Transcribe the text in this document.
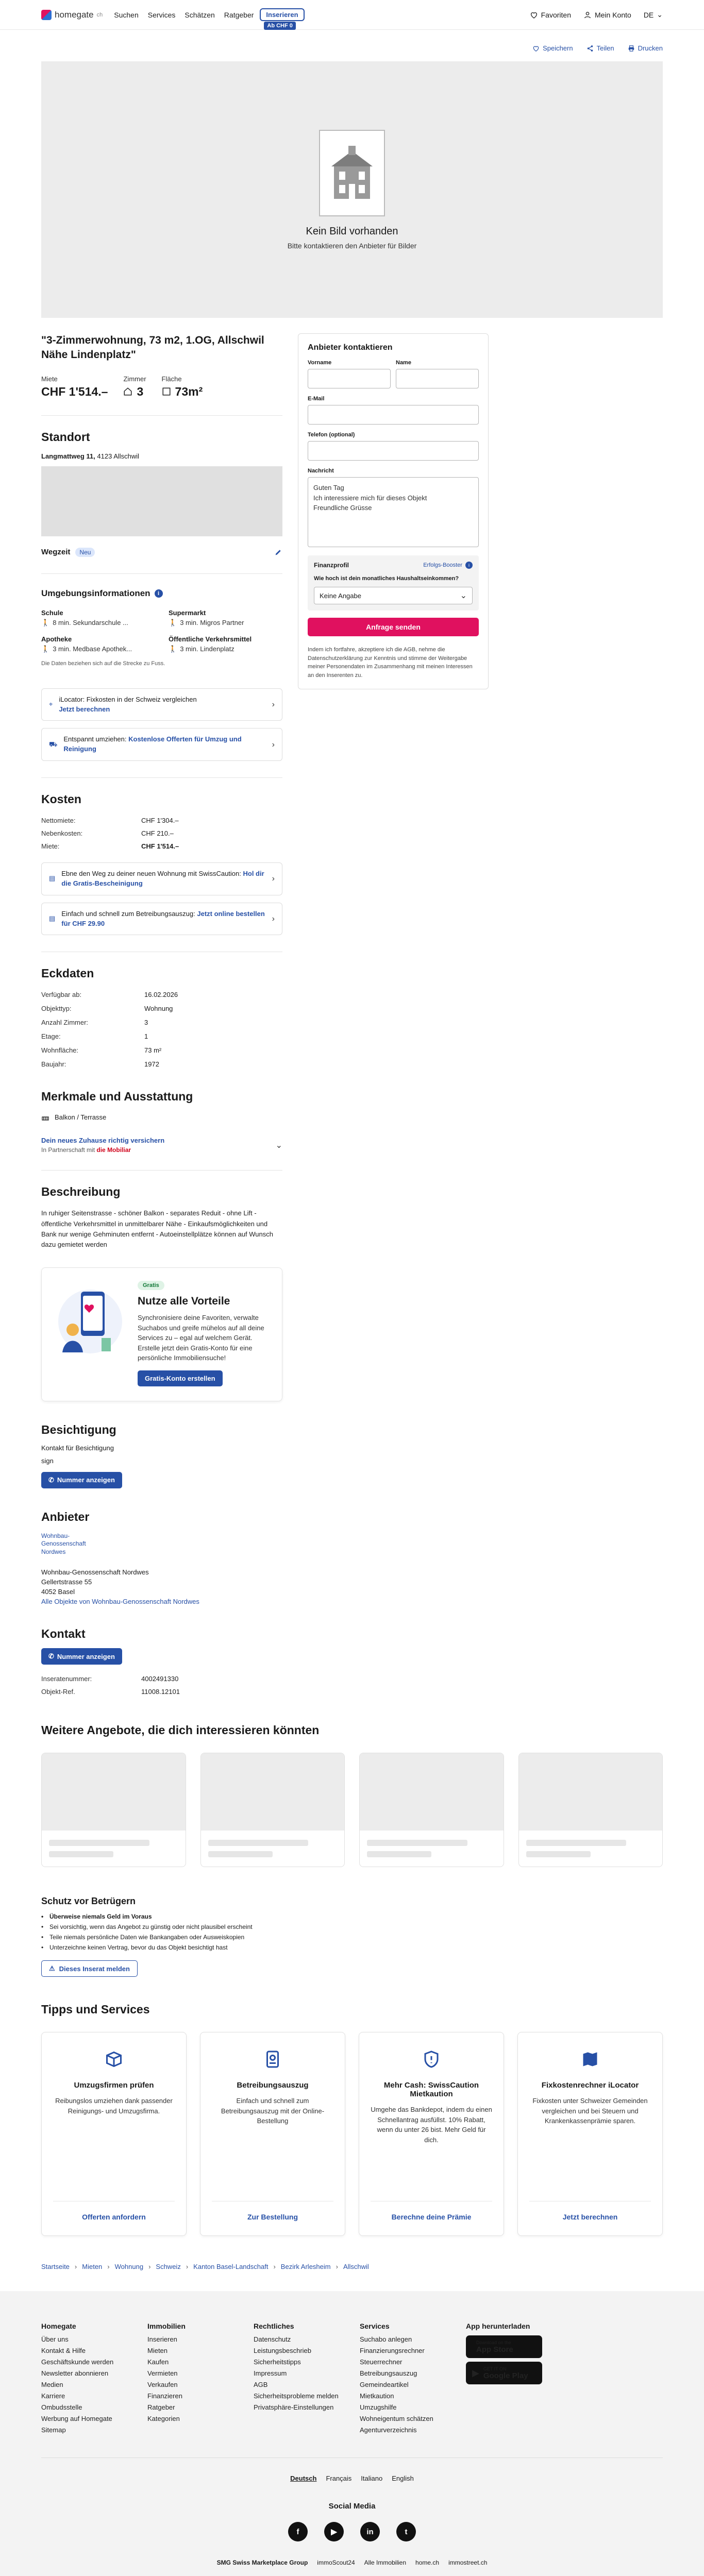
homegate ch Suchen Services Schätzen Ratgeber	Inserieren
Ab CHF 0
Favoriten	Mein Konto DE ⌄
Speichern	Teilen	Drucken
Kein Bild vorhanden

Bitte kontaktieren den Anbieter für Bilder

"3-Zimmerwohnung, 73 m2, 1.OG, Allschwil Nähe Lindenplatz"
Miete
CHF 1'514.–
Zimmer
3
Fläche
73m²
Standort
Langmattweg 11, 4123 Allschwil
Wegzeit	Neu
Umgebungsinformationen	i
Schule
🚶 8 min. Sekundarschule ...
Supermarkt
🚶 3 min. Migros Partner
Apotheke
🚶 3 min. Medbase Apothek...
Öffentliche Verkehrsmittel
🚶 3 min. Lindenplatz
Die Daten beziehen sich auf die Strecke zu Fuss.
⌖
iLocator: Fixkosten in der Schweiz vergleichen
Jetzt berechnen
›
⛟
Entspannt umziehen: Kostenlose Offerten für Umzug und Reinigung
›
Kosten
Nettomiete:	CHF 1'304.–
Nebenkosten:	CHF 210.–
Miete:	CHF 1'514.–
▤
Ebne den Weg zu deiner neuen Wohnung mit SwissCaution: Hol dir die Gratis-Bescheinigung
›
▤
Einfach und schnell zum Betreibungsauszug: Jetzt online bestellen für CHF 29.90
›
Eckdaten
Verfügbar ab:	16.02.2026
Objekttyp:	Wohnung
Anzahl Zimmer:	3
Etage:	1
Wohnfläche:	73 m²
Baujahr:	1972
Merkmale und Ausstattung
Balkon / Terrasse
Dein neues Zuhause richtig versichern
In Partnerschaft mit die Mobiliar
⌄
Beschreibung

In ruhiger Seitenstrasse - schöner Balkon - separates Reduit - ohne Lift - öffentliche Verkehrsmittel in unmittelbarer Nähe - Einkaufsmöglichkeiten und Bank nur wenige Gehminuten entfernt - Autoeinstellplätze können auf Wunsch dazu gemietet werden

Gratis
Nutze alle Vorteile

Synchronisiere deine Favoriten, verwalte Suchabos und greife mühelos auf all deine Services zu – egal auf welchem Gerät. Erstelle jetzt dein Gratis-Konto für eine persönliche Immobiliensuche!

Gratis-Konto erstellen
Besichtigung
Kontakt für Besichtigung
sign
✆ Nummer anzeigen
Anbieter
Wohnbau-Genossenschaft Nordwes
Wohnbau-Genossenschaft Nordwes
Gellertstrasse 55
4052 Basel
Alle Objekte von Wohnbau-Genossenschaft Nordwes
Kontakt
✆ Nummer anzeigen
Inseratenummer:	4002491330
Objekt-Ref.	11008.12101
Anbieter kontaktieren
Vorname	Name
E-Mail
Telefon (optional)
Nachricht
Guten Tag
Ich interessiere mich für dieses Objekt
Freundliche Grüsse
Finanzprofil	Erfolgs-Booster	i
Wie hoch ist dein monatliches Haushaltseinkommen?
Keine Angabe	⌄
Anfrage senden

Indem ich fortfahre, akzeptiere ich die AGB, nehme die Datenschutzerklärung zur Kenntnis und stimme der Weitergabe meiner Personendaten im Zusammenhang mit meinen Interessen an den Inserenten zu.

Weitere Angebote, die dich interessieren könnten
Schutz vor Betrügern
• Überweise niemals Geld im Voraus
• Sei vorsichtig, wenn das Angebot zu günstig oder nicht plausibel erscheint
• Teile niemals persönliche Daten wie Bankangaben oder Ausweiskopien
• Unterzeichne keinen Vertrag, bevor du das Objekt besichtigt hast
⚠ Dieses Inserat melden
Tipps und Services
Umzugsfirmen prüfen

Reibungslos umziehen dank passender Reinigungs- und Umzugsfirma.

Offerten anfordern
Betreibungsauszug

Einfach und schnell zum Betreibungsauszug mit der Online-Bestellung

Zur Bestellung
Mehr Cash: SwissCaution Mietkaution

Umgehe das Bankdepot, indem du einen Schnellantrag ausfüllst. 10% Rabatt, wenn du unter 26 bist. Mehr Geld für dich.

Berechne deine Prämie
Fixkostenrechner iLocator

Fixkosten unter Schweizer Gemeinden vergleichen und bei Steuern und Krankenkassenprämie sparen.

Jetzt berechnen
Startseite › Mieten › Wohnung › Schweiz › Kanton Basel-Landschaft › Bezirk Arlesheim › Allschwil
Homegate
Über uns
Kontakt & Hilfe
Geschäftskunde werden
Newsletter abonnieren
Medien
Karriere
Ombudsstelle
Werbung auf Homegate
Sitemap
Immobilien
Inserieren
Mieten
Kaufen
Vermieten
Verkaufen
Finanzieren
Ratgeber
Kategorien
Rechtliches
Datenschutz
Leistungsbeschrieb
Sicherheitstipps
Impressum
AGB
Sicherheitsprobleme melden
Privatsphäre-Einstellungen
Services
Suchabo anlegen
Finanzierungsrechner
Steuerrechner
Betreibungsauszug
Gemeindeartikel
Mietkaution
Umzugshilfe
Wohneigentum schätzen
Agenturverzeichnis
App herunterladen
Download on the
App Store
▶ GET IT ON
Google Play
Deutsch Français Italiano English
Social Media
f	▶	in	t
SMG Swiss Marketplace Group immoScout24 Alle Immobilien home.ch immostreet.ch
